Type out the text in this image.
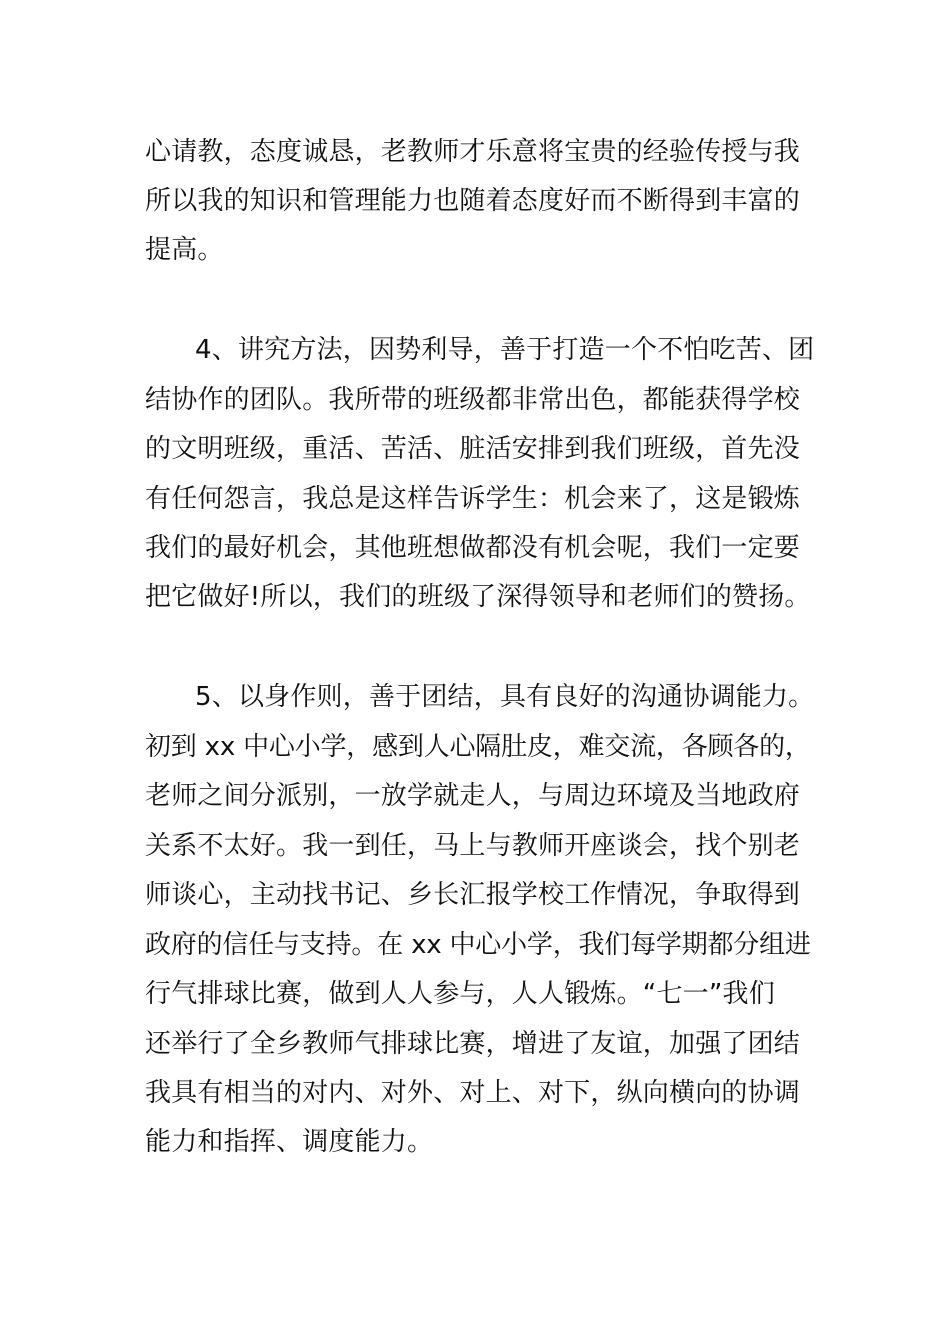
心请教，态度诚恳，老教师才乐意将宝贵的经验传授与我
所以我的知识和管理能力也随着态度好而不断得到丰富的
提高。
4、讲究方法，因势利导，善于打造一个不怕吃苦、团
结协作的团队。我所带的班级都非常出色，都能获得学校
的文明班级，重活、苦活、脏活安排到我们班级，首先没
有任何怨言，我总是这样告诉学生：机会来了，这是锻炼
我们的最好机会，其他班想做都没有机会呢，我们一定要
把它做好!所以，我们的班级了深得领导和老师们的赞扬。
5、以身作则，善于团结，具有良好的沟通协调能力。
初到 xx 中心小学，感到人心隔肚皮，难交流，各顾各的，
老师之间分派别，一放学就走人，与周边环境及当地政府
关系不太好。我一到任，马上与教师开座谈会，找个别老
师谈心，主动找书记、乡长汇报学校工作情况，争取得到
政府的信任与支持。在 xx 中心小学，我们每学期都分组进
行气排球比赛，做到人人参与，人人锻炼。“七一”我们
还举行了全乡教师气排球比赛，增进了友谊，加强了团结
我具有相当的对内、对外、对上、对下，纵向横向的协调
能力和指挥、调度能力。
